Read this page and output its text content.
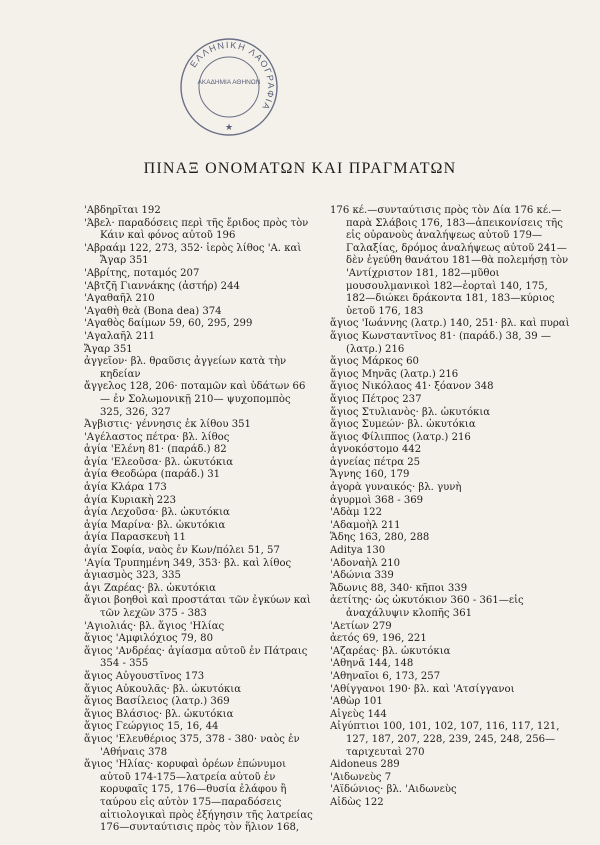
ΕΛΛΗΝΙΚΗ ΛΑΟΓΡΑΦΙΑ
ΑΚΑΔΗΜΙΑ ΑΘΗΝΩΝ
★
ΠΙΝΑΞ ΟΝΟΜΑΤΩΝ ΚΑΙ ΠΡΑΓΜΑΤΩΝ
'Αβδηρῖται 192
'Άβελ· παραδόσεις περὶ τῆς ἔριδος πρὸς τὸν Κάιν καὶ φόνος αὐτοῦ 196
'Αβραάμ 122, 273, 352· ἱερὸς λίθος 'Α. καὶ Ἄγαρ 351
'Αβρίτης, ποταμός 207
'Αβτζῆ Γιαννάκης (ἀστήρ) 244
'Αγαθαῆλ 210
'Αγαθὴ θεὰ (Bona dea) 374
'Αγαθὸς δαίμων 59, 60, 295, 299
'Αγαλαῆλ 211
Ἄγαρ 351
ἀγγεῖον· βλ. θραῦσις ἀγγείων κατὰ τὴν κηδείαν
ἄγγελος 128, 206· ποταμῶν καὶ ὑδάτων 66 — ἐν Σολωμονικῇ 210— ψυχοπομπὸς 325, 326, 327
Ἀγβιστις· γέννησις ἐκ λίθου 351
'Αγέλαστος πέτρα· βλ. λίθος
ἁγία 'Ελένη 81· (παράδ.) 82
ἁγία 'Ελεοῦσα· βλ. ὠκυτόκια
ἁγία Θεοδώρα (παράδ.) 31
ἁγία Κλάρα 173
ἁγία Κυριακὴ 223
ἁγία Λεχοῦσα· βλ. ὠκυτόκια
ἁγία Μαρίνα· βλ. ὠκυτόκια
ἁγία Παρασκευὴ 11
ἁγία Σοφία, ναὸς ἐν Κων/πόλει 51, 57
'Αγία Τρυπημένη 349, 353· βλ. καὶ λίθος
ἁγιασμὸς 323, 335
ἁγι Ζαρέας· βλ. ὠκυτόκια
ἅγιοι βοηθοὶ καὶ προστάται τῶν ἐγκύων καὶ τῶν λεχῶν 375 - 383
'Αγιολιάς· βλ. ἅγιος 'Ηλίας
ἅγιος 'Αμφιλόχιος 79, 80
ἅγιος 'Ανδρέας· ἁγίασμα αὐτοῦ ἐν Πάτραις 354 - 355
ἅγιος Αὐγουστῖνος 173
ἅγιος Αὐκουλᾶς· βλ. ὠκυτόκια
ἅγιος Βασίλειος (λατρ.) 369
ἅγιος Βλάσιος· βλ. ὠκυτόκια
ἅγιος Γεώργιος 15, 16, 44
ἅγιος 'Ελευθέριος 375, 378 - 380· ναὸς ἐν 'Αθήναις 378
ἅγιος 'Ηλίας· κορυφαὶ ὀρέων ἐπώνυμοι αὐτοῦ 174-175—λατρεία αὐτοῦ ἐν κορυφαῖς 175, 176—θυσία ἐλάφου ἢ ταύρου εἰς αὐτὸν 175—παραδόσεις αἰτιολογικαὶ πρὸς ἐξήγησιν τῆς λατρείας 176—συνταύτισις πρὸς τὸν ἥλιον 168,
176 κέ.—συνταύτισις πρὸς τὸν Δία 176 κέ.—παρὰ Σλάβοις 176, 183—ἀπεικονίσεις τῆς εἰς οὐρανοὺς ἀναλήψεως αὐτοῦ 179—Γαλαξίας, δρόμος ἀναλήψεως αὐτοῦ 241—δὲν ἐγεύθη θανάτου 181—θὰ πολεμήσῃ τὸν 'Αντίχριστον 181, 182—μῦθοι μουσουλμανικοὶ 182—ἑορταὶ 140, 175, 182—διώκει δράκοντα 181, 183—κύριος ὑετοῦ 176, 183
ἅγιος 'Ιωάννης (λατρ.) 140, 251· βλ. καὶ πυραὶ
ἅγιος Κωνσταντῖνος 81· (παράδ.) 38, 39 — (λατρ.) 216
ἅγιος Μάρκος 60
ἅγιος Μηνᾶς (λατρ.) 216
ἅγιος Νικόλαος 41· ξόανον 348
ἅγιος Πέτρος 237
ἅγιος Στυλιανὸς· βλ. ὠκυτόκια
ἅγιος Συμεών· βλ. ὠκυτόκια
ἅγιος Φίλιππος (λατρ.) 216
ἁγνοκόστομο 442
ἁγνείας πέτρα 25
Ἄγνης 160, 179
ἀγορὰ γυναικός· βλ. γυνὴ
ἀγυρμοὶ 368 - 369
'Αδὰμ 122
'Αδαμοὴλ 211
Ἅδης 163, 280, 288
Aditya 130
'Αδοναὴλ 210
'Αδώνια 339
Ἄδωνις 88, 340· κῆποι 339
ἀετίτης· ὡς ὠκυτόκιον 360 - 361—εἰς ἀναχάλυψιν κλοπῆς 361
'Αετίων 279
ἀετός 69, 196, 221
'Αζαρέας· βλ. ὠκυτόκια
'Αθηνᾶ 144, 148
'Αθηναῖοι 6, 173, 257
'Αθίγγανοι 190· βλ. καὶ 'Ατσίγγανοι
'Αθὼρ 101
Αἰγεὺς 144
Αἰγύπτιοι 100, 101, 102, 107, 116, 117, 121, 127, 187, 207, 228, 239, 245, 248, 256—ταριχευταὶ 270
Aidoneus 289
'Αιδωνεὺς 7
'Αϊδώνιος· βλ. 'Αιδωνεὺς
Αἰδὼς 122
